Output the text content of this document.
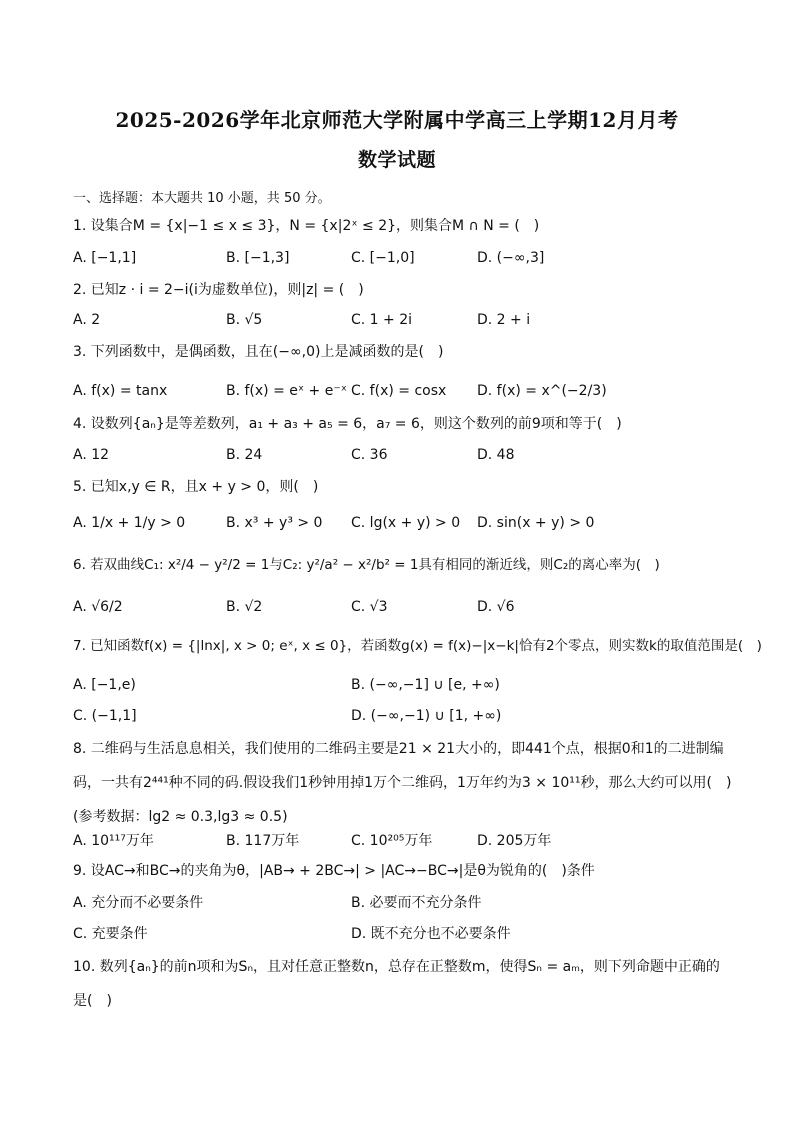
2025-2026学年北京师范大学附属中学高三上学期12月月考
数学试题
一、选择题：本大题共 10 小题，共 50 分。
1. 设集合M = {x|−1 ≤ x ≤ 3}，N = {x|2ˣ ≤ 2}，则集合M ∩ N = (　)
A. [−1,1]	B. [−1,3]	C. [−1,0]	D. (−∞,3]
2. 已知z · i = 2−i(i为虚数单位)，则|z| = (　)
A. 2	B. √5	C. 1 + 2i	D. 2 + i
3. 下列函数中，是偶函数，且在(−∞,0)上是减函数的是(　)
A. f(x) = tanx	B. f(x) = eˣ + e⁻ˣ C. f(x) = cosx D. f(x) = x^(−2/3)
4. 设数列{aₙ}是等差数列，a₁ + a₃ + a₅ = 6，a₇ = 6，则这个数列的前9项和等于(　)
A. 12	B. 24	C. 36	D. 48
5. 已知x,y ∈ R，且x + y > 0，则(　)
A. 1/x + 1/y > 0	B. x³ + y³ > 0 C. lg(x + y) > 0 D. sin(x + y) > 0
6. 若双曲线C₁: x²/4 − y²/2 = 1与C₂: y²/a² − x²/b² = 1具有相同的渐近线，则C₂的离心率为(　)
A. √6/2	B. √2	C. √3	D. √6
7. 已知函数f(x) = {|lnx|, x > 0; eˣ, x ≤ 0}，若函数g(x) = f(x)−|x−k|恰有2个零点，则实数k的取值范围是(　)
A. [−1,e)	B. (−∞,−1] ∪ [e, +∞)
C. (−1,1]	D. (−∞,−1) ∪ [1, +∞)
8. 二维码与生活息息相关，我们使用的二维码主要是21 × 21大小的，即441个点，根据0和1的二进制编码，一共有2⁴⁴¹种不同的码.假设我们1秒钟用掉1万个二维码，1万年约为3 × 10¹¹秒，那么大约可以用(　)(参考数据：lg2 ≈ 0.3,lg3 ≈ 0.5)
A. 10¹¹⁷万年	B. 117万年	C. 10²⁰⁵万年	D. 205万年
9. 设AC→和BC→的夹角为θ，|AB→ + 2BC→| > |AC→−BC→|是θ为锐角的(　)条件
A. 充分而不必要条件	B. 必要而不充分条件
C. 充要条件	D. 既不充分也不必要条件
10. 数列{aₙ}的前n项和为Sₙ，且对任意正整数n，总存在正整数m，使得Sₙ = aₘ，则下列命题中正确的是(　)
